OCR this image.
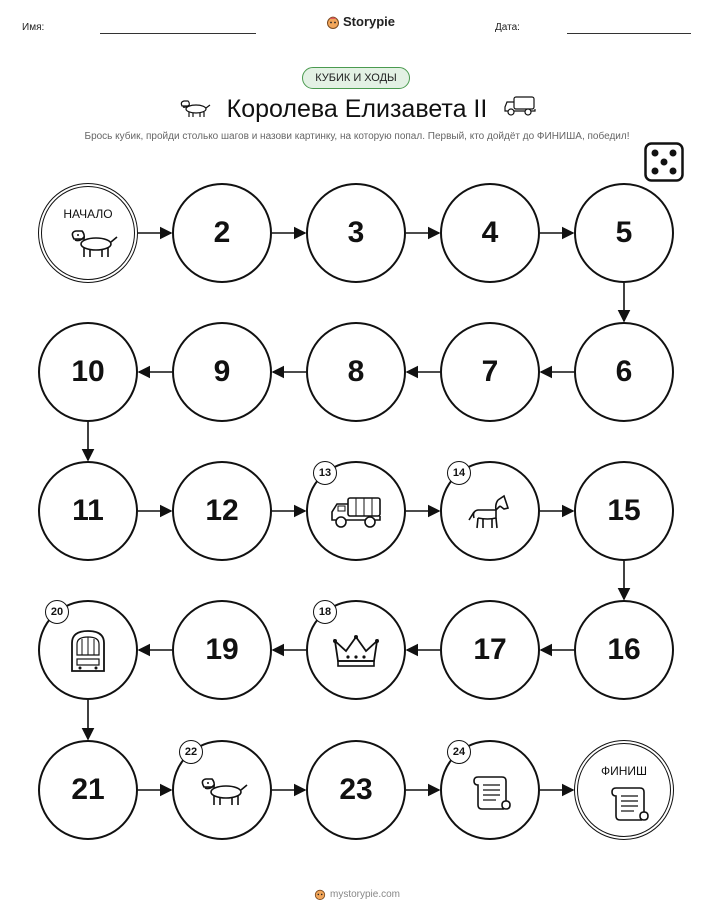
Имя:	Storypie	Дата:
КУБИК И ХОДЫ
Королева Елизавета II
Брось кубик, пройди столько шагов и назови картинку, на которую попал. Первый, кто дойдёт до ФИНИША, победил!
НАЧАЛО
2	3	4	5
6
7
8
9
10
11	12
13	14
15
16
17
18
19
20
21
22
23
24
ФИНИШ
mystorypie.com
